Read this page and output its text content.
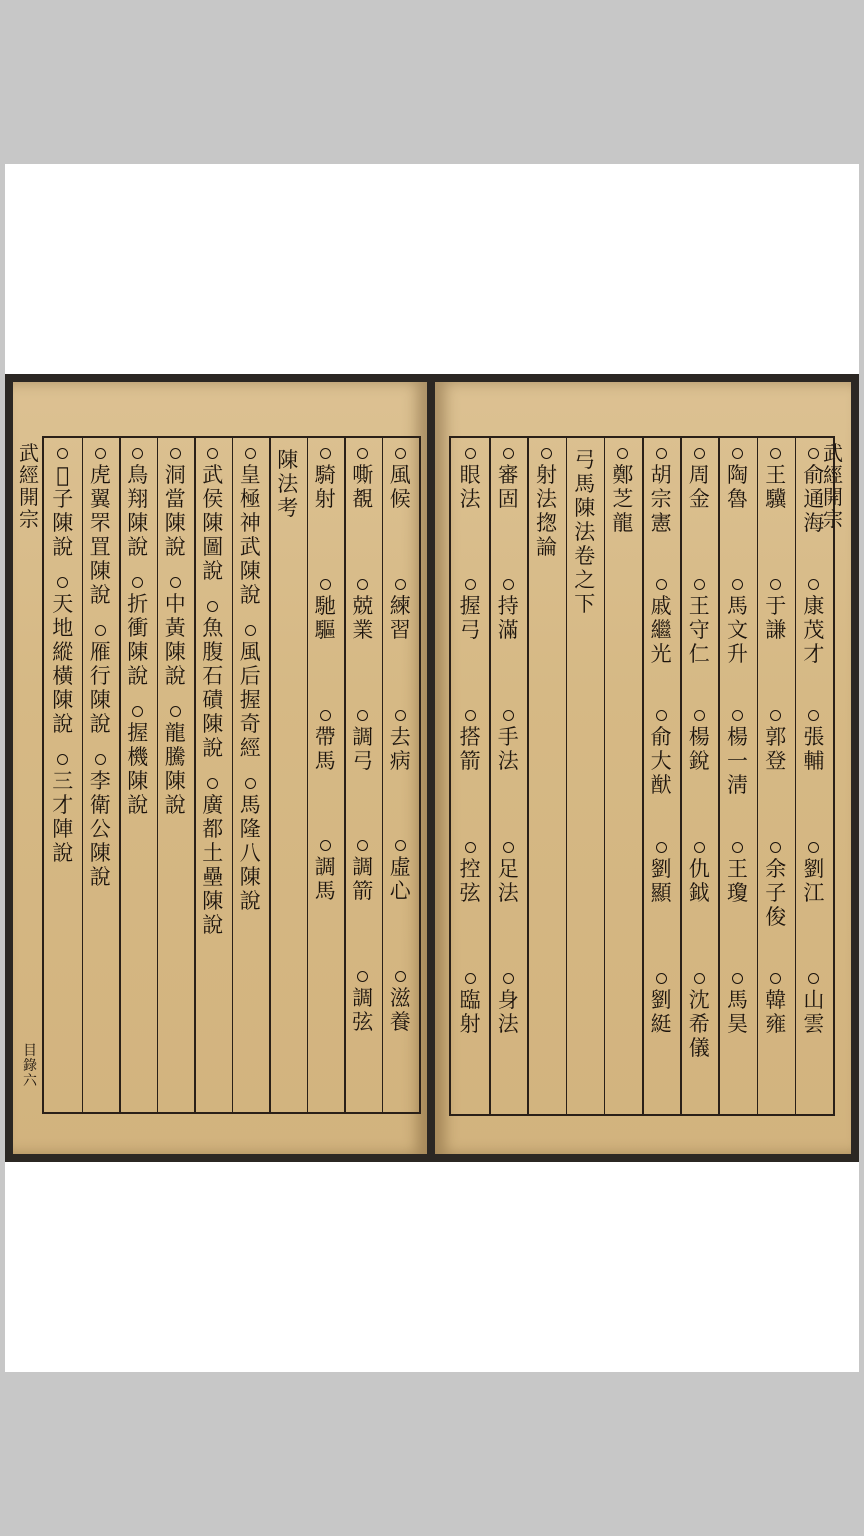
風
候
練
習
去
病
虛
心
滋
養
嘶
覩
兢
業
調
弓
調
箭
調
弦
騎
射
馳
驅
帶
馬
調
馬
陳
法
考
皇
極
神
武
陳
說
風
后
握
奇
經
馬
隆
八
陳
說
武
侯
陳
圖
說
魚
腹
石
磧
陳
說
廣
都
土
壘
陳
說
洞
當
陳
說
中
黃
陳
說
龍
騰
陳
說
鳥
翔
陳
說
折
衝
陳
說
握
機
陳
說
虎
翼
罘
罝
陳
說
雁
行
陳
說
李
衛
公
陳
說
𣗥
子
陳
說
天
地
縱
橫
陳
說
三
才
陣
說
武
經
開
宗
目
錄
六
俞
通
海
康
茂
才
張
輔
劉
江
山
雲
王
驥
于
謙
郭
登
余
子
俊
韓
雍
陶
魯
馬
文
升
楊
一
淸
王
瓊
馬
昊
周
金
王
守
仁
楊
銳
仇
鉞
沈
希
儀
胡
宗
憲
戚
繼
光
俞
大
猷
劉
顯
劉
綎
鄭
芝
龍
弓
馬
陳
法
卷
之
下
射
法
揔
論
審
固
持
滿
手
法
足
法
身
法
眼
法
握
弓
搭
箭
控
弦
臨
射
武
經
開
宗
